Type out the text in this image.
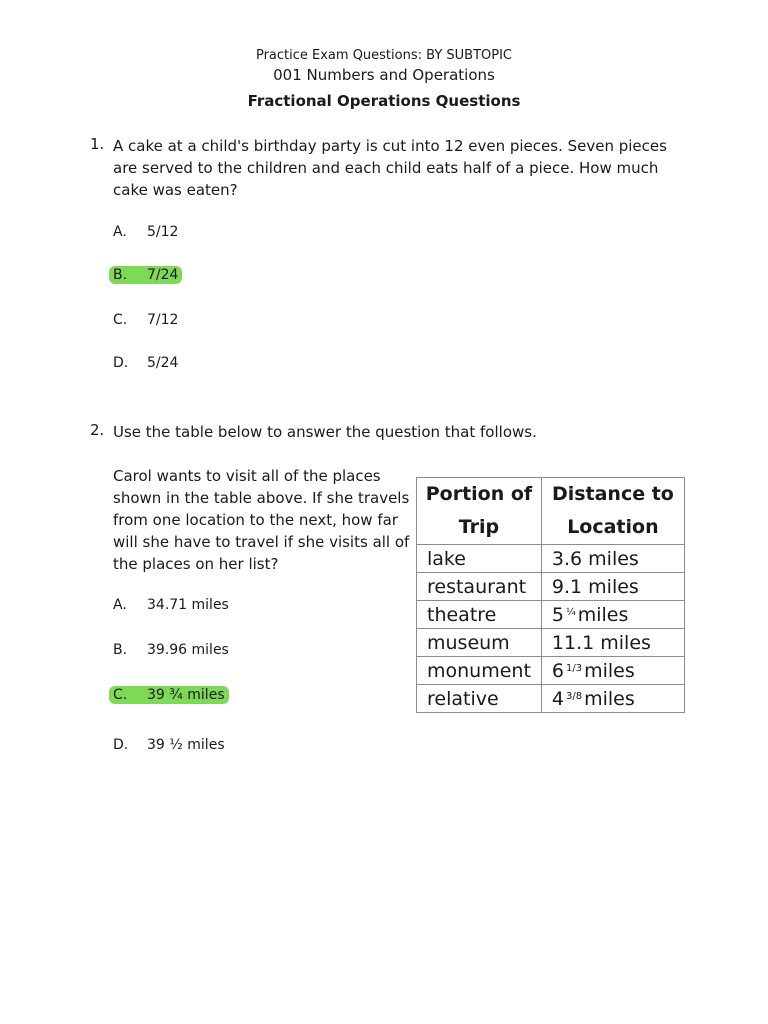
Practice Exam Questions: BY SUBTOPIC
001 Numbers and Operations
Fractional Operations Questions
1. A cake at a child's birthday party is cut into 12 even pieces. Seven pieces are served to the children and each child eats half of a piece. How much cake was eaten?
A. 5/12
B. 7/24
C. 7/12
D. 5/24
2. Use the table below to answer the question that follows.
Carol wants to visit all of the places shown in the table above. If she travels from one location to the next, how far will she have to travel if she visits all of the places on her list?
A. 34.71 miles
B. 39.96 miles
C. 39 ¾ miles
D. 39 ½ miles
Portion of Trip	Distance to Location
lake	3.6 miles
restaurant	9.1 miles
theatre	5 $^{\frac{1}{4}}$ miles
museum	11.1 miles
monument	6 $^{1/3}$ miles
relative	4 $^{3/8}$ miles
